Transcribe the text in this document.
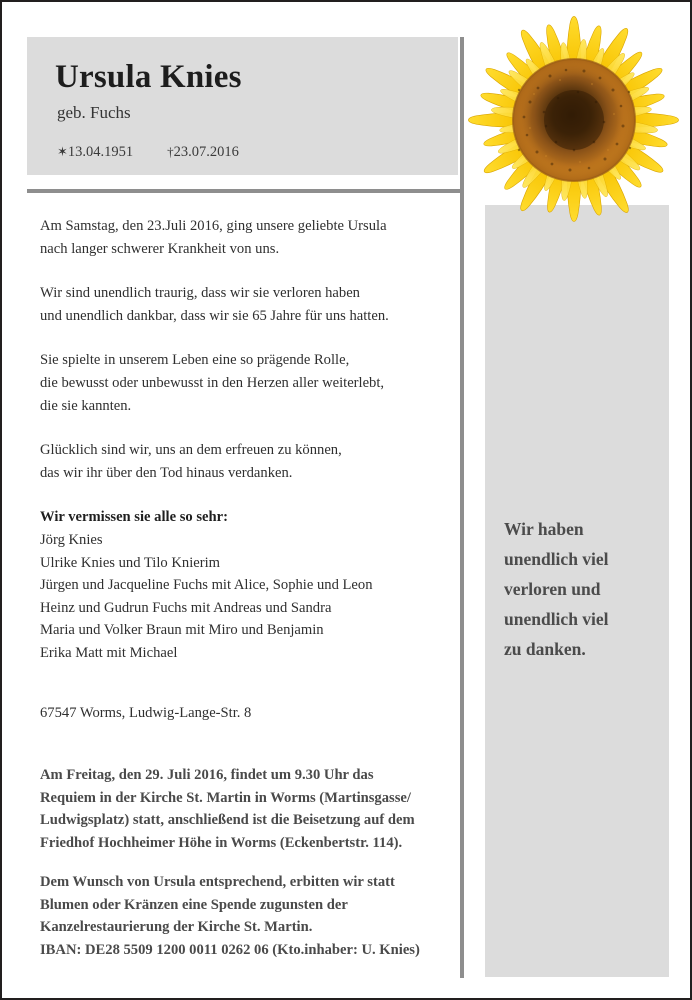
Ursula Knies
geb. Fuchs
✶13.04.1951	†23.07.2016
Wir haben
unendlich viel
verloren und
unendlich viel
zu danken.
Am Samstag, den 23.Juli 2016, ging unsere geliebte Ursula
nach langer schwerer Krankheit von uns.
Wir sind unendlich traurig, dass wir sie verloren haben
und unendlich dankbar, dass wir sie 65 Jahre für uns hatten.
Sie spielte in unserem Leben eine so prägende Rolle,
die bewusst oder unbewusst in den Herzen aller weiterlebt,
die sie kannten.
Glücklich sind wir, uns an dem erfreuen zu können,
das wir ihr über den Tod hinaus verdanken.
Wir vermissen sie alle so sehr:
Jörg Knies
Ulrike Knies und Tilo Knierim
Jürgen und Jacqueline Fuchs mit Alice, Sophie und Leon
Heinz und Gudrun Fuchs mit Andreas und Sandra
Maria und Volker Braun mit Miro und Benjamin
Erika Matt mit Michael
67547 Worms, Ludwig-Lange-Str. 8
Am Freitag, den 29. Juli 2016, findet um 9.30 Uhr das
Requiem in der Kirche St. Martin in Worms (Martinsgasse/
Ludwigsplatz) statt, anschließend ist die Beisetzung auf dem
Friedhof Hochheimer Höhe in Worms (Eckenbertstr. 114).
Dem Wunsch von Ursula entsprechend, erbitten wir statt
Blumen oder Kränzen eine Spende zugunsten der
Kanzelrestaurierung der Kirche St. Martin.
IBAN: DE28 5509 1200 0011 0262 06 (Kto.inhaber: U. Knies)
